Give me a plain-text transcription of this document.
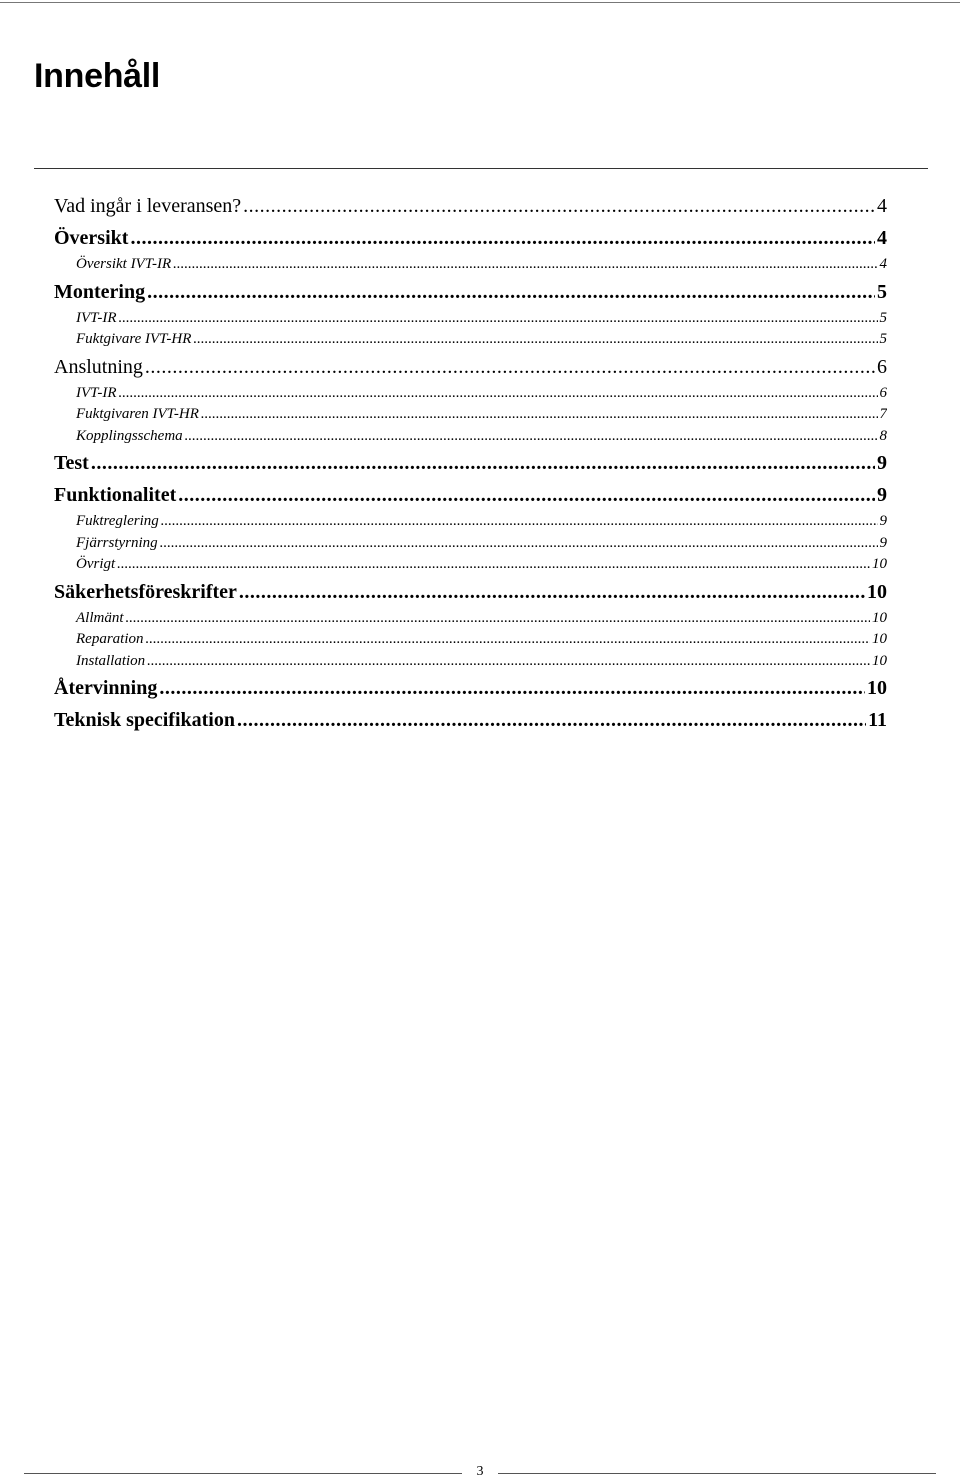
Innehåll
Vad ingår i leveransen? .....	4
Översikt .....	4
Översikt IVT-IR .....	4
Montering .....	5
IVT-IR .....	5
Fuktgivare IVT-HR .....	5
Anslutning .....	6
IVT-IR .....	6
Fuktgivaren IVT-HR .....	7
Kopplingsschema .....	8
Test .....	9
Funktionalitet .....	9
Fuktreglering .....	9
Fjärrstyrning .....	9
Övrigt .....	10
Säkerhetsföreskrifter .....	10
Allmänt .....	10
Reparation .....	10
Installation .....	10
Återvinning .....	10
Teknisk specifikation .....	11
3
